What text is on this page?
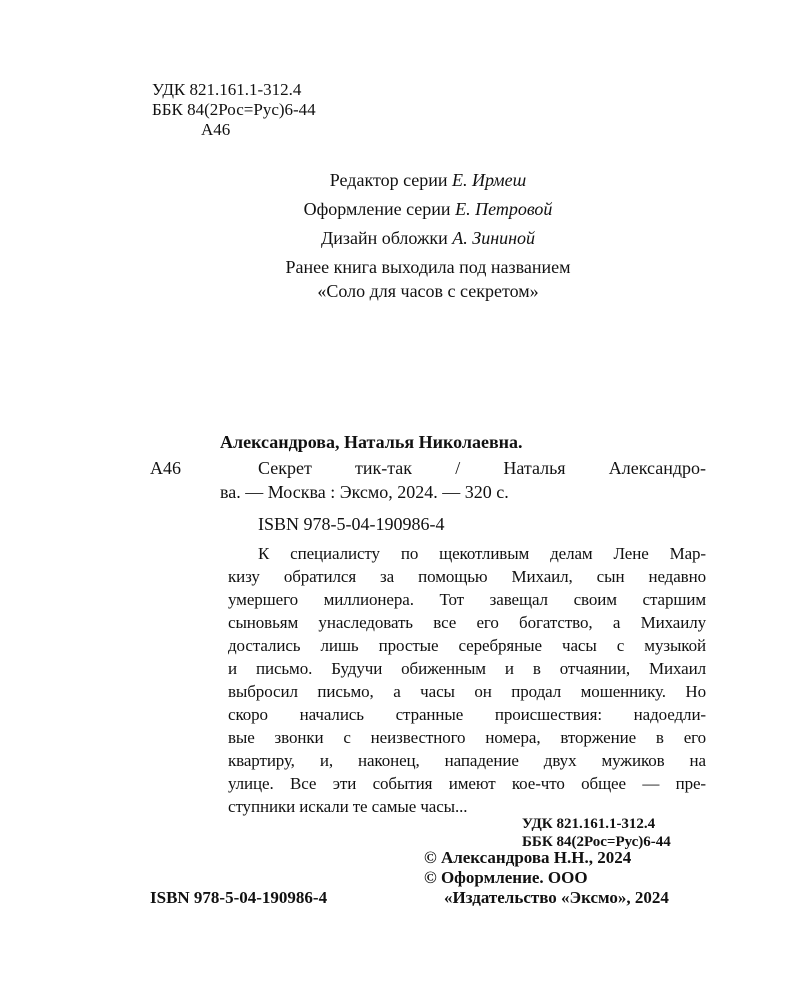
УДК 821.161.1-312.4
ББК 84(2Рос=Рус)6-44
А46
Редактор серии Е. Ирмеш
Оформление серии Е. Петровой
Дизайн обложки А. Зининой
Ранее книга выходила под названием
«Соло для часов с секретом»
Александрова, Наталья Николаевна.
А46	Секрет тик-так / Наталья Александро-
ва. — Москва : Эксмо, 2024. — 320 с.
ISBN 978-5-04-190986-4
К специалисту по щекотливым делам Лене Мар-
кизу обратился за помощью Михаил, сын недавно
умершего миллионера. Тот завещал своим старшим
сыновьям унаследовать все его богатство, а Михаилу
достались лишь простые серебряные часы с музыкой
и письмо. Будучи обиженным и в отчаянии, Михаил
выбросил письмо, а часы он продал мошеннику. Но
скоро начались странные происшествия: надоедли-
вые звонки с неизвестного номера, вторжение в его
квартиру, и, наконец, нападение двух мужиков на
улице. Все эти события имеют кое-что общее — пре-
ступники искали те самые часы...
УДК 821.161.1-312.4
ББК 84(2Рос=Рус)6-44
© Александрова Н.Н., 2024
© Оформление. ООО
«Издательство «Эксмо», 2024
ISBN 978-5-04-190986-4
